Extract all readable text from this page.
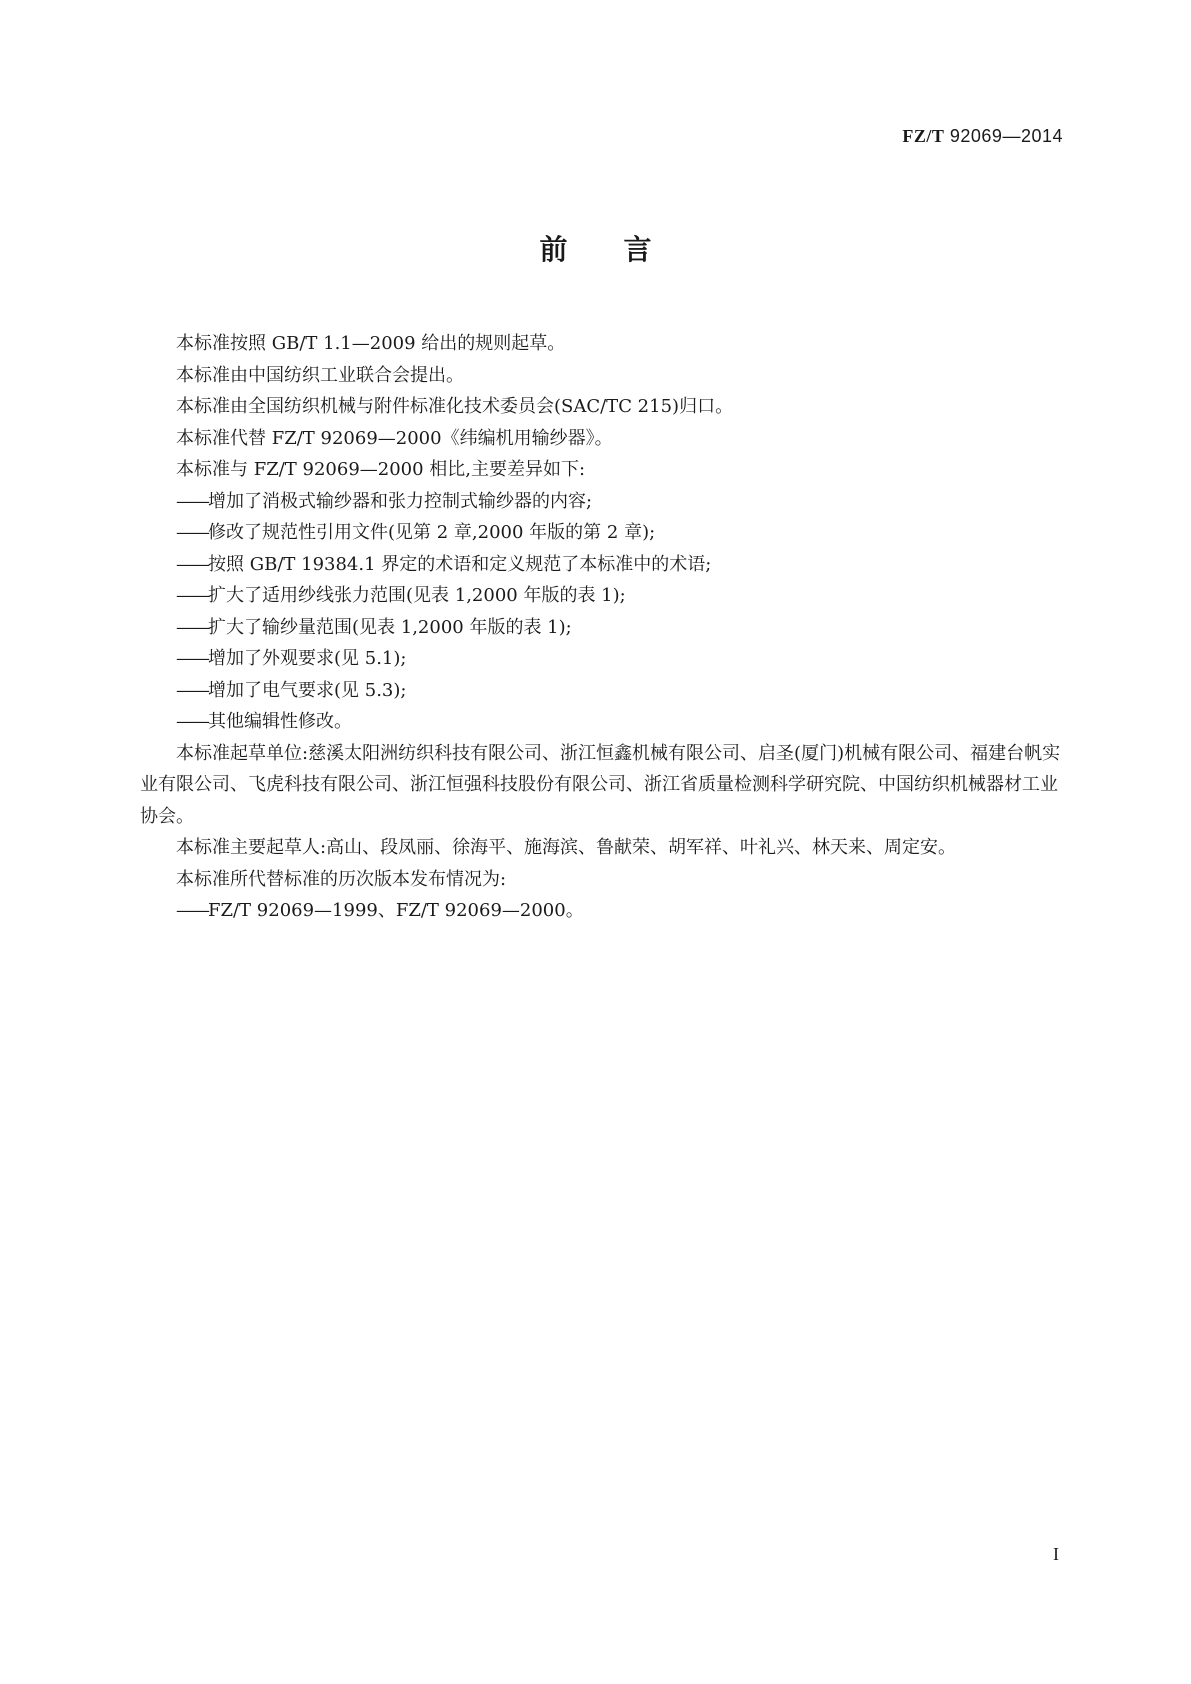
FZ/T 92069—2014
前言

本标准按照 GB/T 1.1—2009 给出的规则起草。

本标准由中国纺织工业联合会提出。

本标准由全国纺织机械与附件标准化技术委员会(SAC/TC 215)归口。

本标准代替 FZ/T 92069—2000《纬编机用输纱器》。

本标准与 FZ/T 92069—2000 相比,主要差异如下:

——增加了消极式输纱器和张力控制式输纱器的内容;

——修改了规范性引用文件(见第 2 章,2000 年版的第 2 章);

——按照 GB/T 19384.1 界定的术语和定义规范了本标准中的术语;

——扩大了适用纱线张力范围(见表 1,2000 年版的表 1);

——扩大了输纱量范围(见表 1,2000 年版的表 1);

——增加了外观要求(见 5.1);

——增加了电气要求(见 5.3);

——其他编辑性修改。

本标准起草单位:慈溪太阳洲纺织科技有限公司、浙江恒鑫机械有限公司、启圣(厦门)机械有限公司、福建台帆实业有限公司、飞虎科技有限公司、浙江恒强科技股份有限公司、浙江省质量检测科学研究院、中国纺织机械器材工业协会。

本标准主要起草人:高山、段凤丽、徐海平、施海滨、鲁献荣、胡军祥、叶礼兴、林天来、周定安。

本标准所代替标准的历次版本发布情况为:

——FZ/T 92069—1999、FZ/T 92069—2000。

I
